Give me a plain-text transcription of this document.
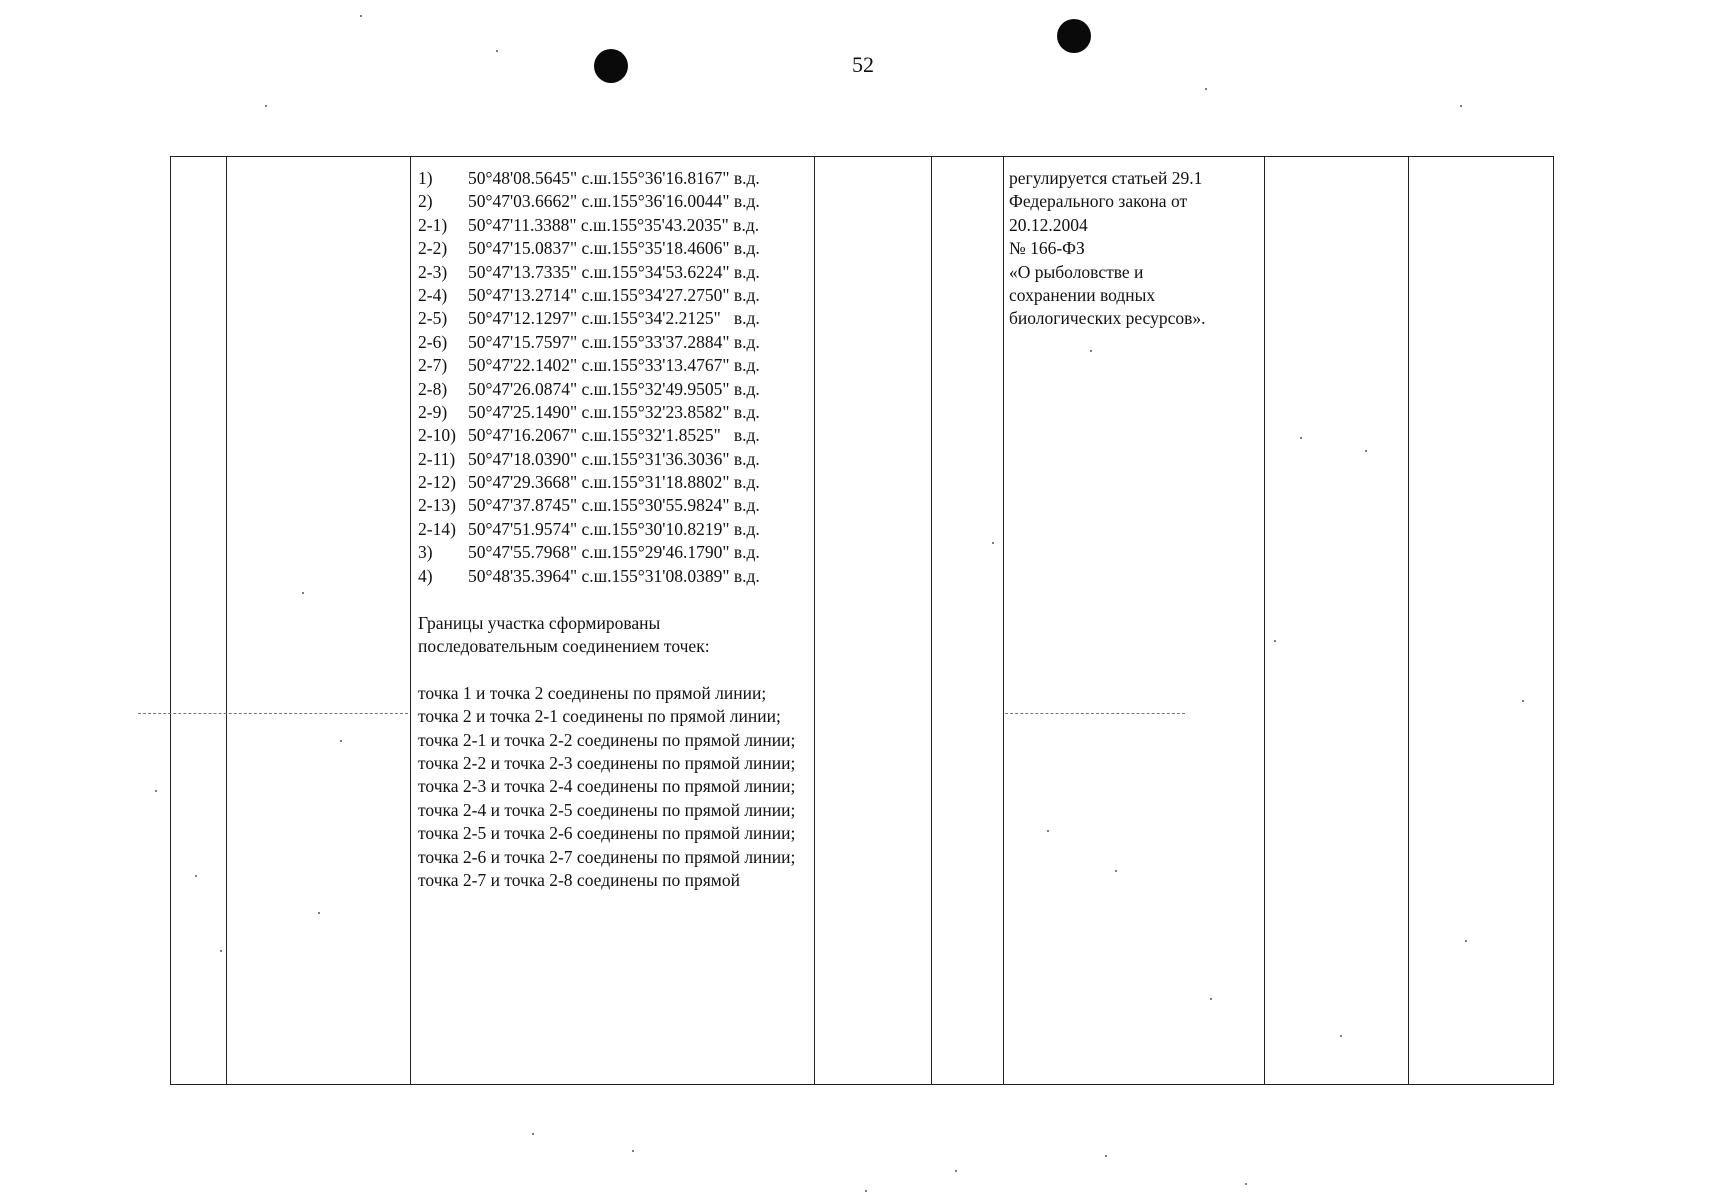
52
1) 50°48'08.5645" с.ш.155°36'16.8167" в.д.
2) 50°47'03.6662" с.ш.155°36'16.0044" в.д.
2-1) 50°47'11.3388" с.ш.155°35'43.2035" в.д.
2-2) 50°47'15.0837" с.ш.155°35'18.4606" в.д.
2-3) 50°47'13.7335" с.ш.155°34'53.6224" в.д.
2-4) 50°47'13.2714" с.ш.155°34'27.2750" в.д.
2-5) 50°47'12.1297" с.ш.155°34'2.2125"   в.д.
2-6) 50°47'15.7597" с.ш.155°33'37.2884" в.д.
2-7) 50°47'22.1402" с.ш.155°33'13.4767" в.д.
2-8) 50°47'26.0874" с.ш.155°32'49.9505" в.д.
2-9) 50°47'25.1490" с.ш.155°32'23.8582" в.д.
2-10) 50°47'16.2067" с.ш.155°32'1.8525"   в.д.
2-11) 50°47'18.0390" с.ш.155°31'36.3036" в.д.
2-12) 50°47'29.3668" с.ш.155°31'18.8802" в.д.
2-13) 50°47'37.8745" с.ш.155°30'55.9824" в.д.
2-14) 50°47'51.9574" с.ш.155°30'10.8219" в.д.
3) 50°47'55.7968" с.ш.155°29'46.1790" в.д.
4) 50°48'35.3964" с.ш.155°31'08.0389" в.д.

Границы участка сформированы

последовательным соединением точек:

точка 1 и точка 2 соединены по прямой линии;

точка 2 и точка 2-1 соединены по прямой линии;

точка 2-1 и точка 2-2 соединены по прямой линии;

точка 2-2 и точка 2-3 соединены по прямой линии;

точка 2-3 и точка 2-4 соединены по прямой линии;

точка 2-4 и точка 2-5 соединены по прямой линии;

точка 2-5 и точка 2-6 соединены по прямой линии;

точка 2-6 и точка 2-7 соединены по прямой линии;

точка 2-7 и точка 2-8 соединены по прямой

регулируется статьей 29.1

Федерального закона от

20.12.2004

№ 166-ФЗ

«О рыболовстве и

сохранении водных

биологических ресурсов».
